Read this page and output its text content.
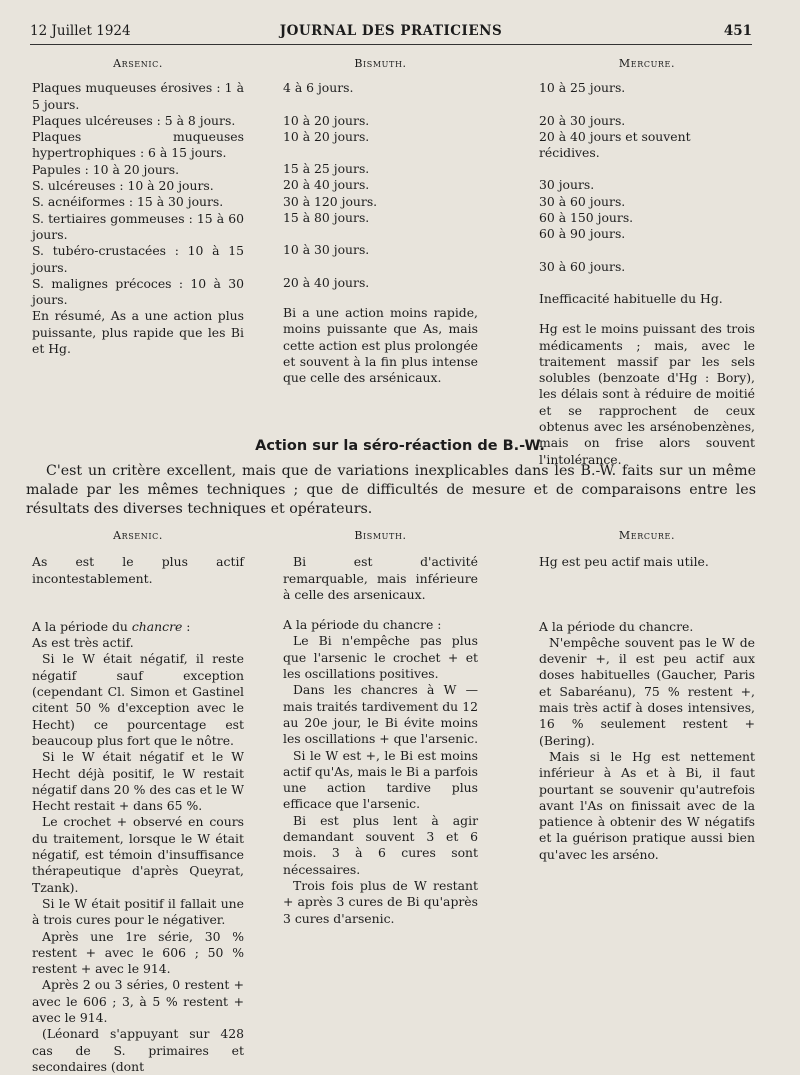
12 Juillet 1924	JOURNAL DES PRATICIENS	451
Arsenic.

Plaques muqueuses érosives : 1 à 5 jours.

Plaques ulcéreuses : 5 à 8 jours.

Plaques muqueuses hypertrophiques : 6 à 15 jours.

Papules : 10 à 20 jours.

S. ulcéreuses : 10 à 20 jours.

S. acnéiformes : 15 à 30 jours.

S. tertiaires gommeuses : 15 à 60 jours.

S. tubéro-crustacées : 10 à 15 jours.

S. malignes précoces : 10 à 30 jours.

En résumé, As a une action plus puissante, plus rapide que les Bi et Hg.

Bismuth.

4 à 6 jours.

10 à 20 jours.

10 à 20 jours.

15 à 25 jours.

20 à 40 jours.

30 à 120 jours.

15 à 80 jours.

10 à 30 jours.

20 à 40 jours.

Bi a une action moins rapide, moins puissante que As, mais cette action est plus prolongée et souvent à la fin plus intense que celle des arsénicaux.

Mercure.

10 à 25 jours.

20 à 30 jours.

20 à 40 jours et souvent récidives.

30 jours.

30 à 60 jours.

60 à 150 jours.

60 à 90 jours.

30 à 60 jours.

Inefficacité habituelle du Hg.

Hg est le moins puissant des trois médicaments ; mais, avec le traitement massif par les sels solubles (benzoate d'Hg : Bory), les délais sont à réduire de moitié et se rapprochent de ceux obtenus avec les arsénobenzènes, mais on frise alors souvent l'intolérance.

Action sur la séro-réaction de B.-W.

C'est un critère excellent, mais que de variations inexplicables dans les B.-W. faits sur un même malade par les mêmes techniques ; que de difficultés de mesure et de comparaisons entre les résultats des diverses techniques et opérateurs.

Arsenic.

As est le plus actif incontestablement.

A la période du chancre :

As est très actif.

Si le W était négatif, il reste négatif sauf exception (cependant Cl. Simon et Gastinel citent 50 % d'exception avec le Hecht) ce pourcentage est beaucoup plus fort que le nôtre.

Si le W était négatif et le W Hecht déjà positif, le W restait négatif dans 20 % des cas et le W Hecht restait + dans 65 %.

Le crochet + observé en cours du traitement, lorsque le W était négatif, est témoin d'insuffisance thérapeutique d'après Queyrat, Tzank).

Si le W était positif il fallait une à trois cures pour le négativer.

Après une 1re série, 30 % restent + avec le 606 ; 50 % restent + avec le 914.

Après 2 ou 3 séries, 0 restent + avec le 606 ; 3, à 5 % restent + avec le 914.

(Léonard s'appuyant sur 428 cas de S. primaires et secondaires (dont

Bismuth.

Bi est d'activité remarquable, mais inférieure à celle des arsenicaux.

A la période du chancre :

Le Bi n'empêche pas plus que l'arsenic le crochet + et les oscillations positives.

Dans les chancres à W — mais traités tardivement du 12 au 20e jour, le Bi évite moins les oscillations + que l'arsenic.

Si le W est +, le Bi est moins actif qu'As, mais le Bi a parfois une action tardive plus efficace que l'arsenic.

Bi est plus lent à agir demandant souvent 3 et 6 mois. 3 à 6 cures sont nécessaires.

Trois fois plus de W restant + après 3 cures de Bi qu'après 3 cures d'arsenic.

Mercure.

Hg est peu actif mais utile.

A la période du chancre.

N'empêche souvent pas le W de devenir +, il est peu actif aux doses habituelles (Gaucher, Paris et Sabaréanu), 75 % restent +, mais très actif à doses intensives, 16 % seulement restent + (Bering).

Mais si le Hg est nettement inférieur à As et à Bi, il faut pourtant se souvenir qu'autrefois avant l'As on finissait avec de la patience à obtenir des W négatifs et la guérison pratique aussi bien qu'avec les arséno.
